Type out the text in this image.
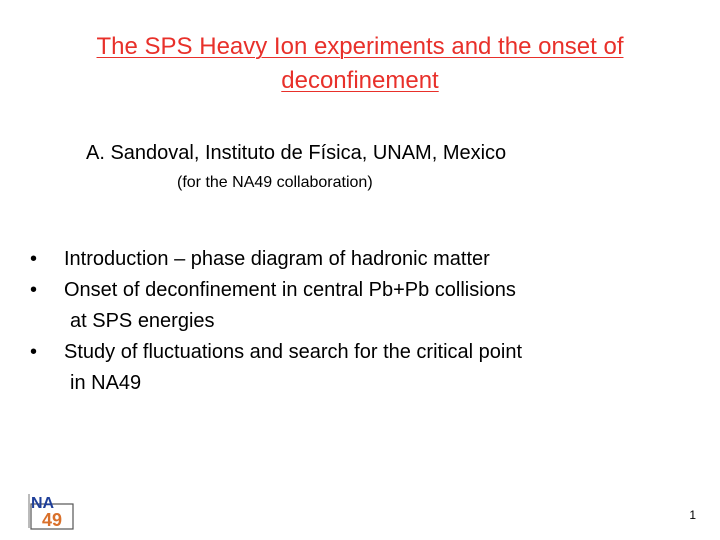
The SPS Heavy Ion experiments and the onset of
deconfinement
A. Sandoval, Instituto de Física, UNAM, Mexico
(for the NA49 collaboration)
•	Introduction – phase diagram of hadronic matter
•	Onset of deconfinement in central Pb+Pb collisions
at SPS energies
•	Study of fluctuations and search for the critical point
in NA49
NA
49	1
